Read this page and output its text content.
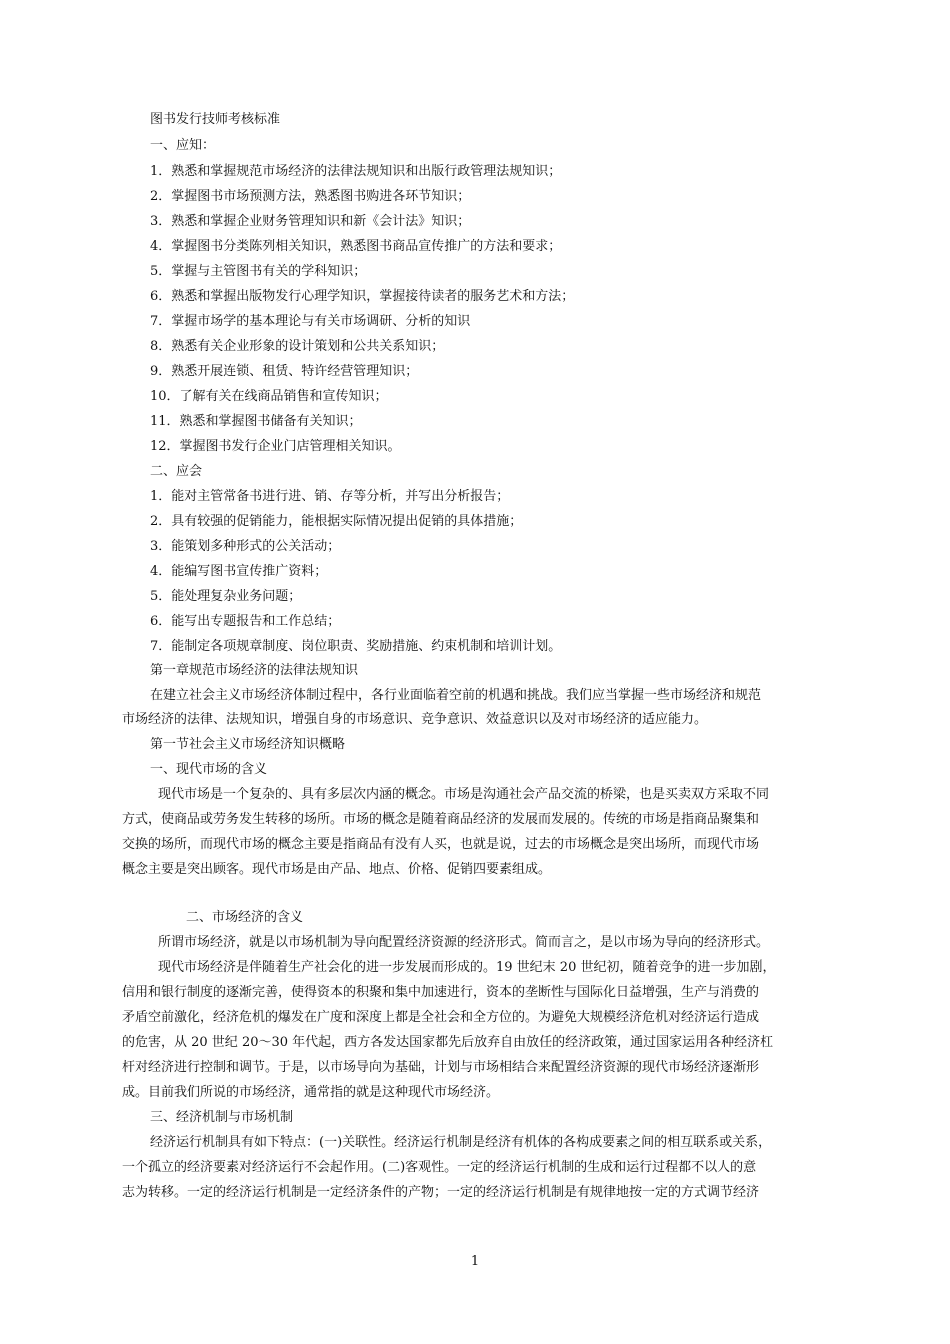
图书发行技师考核标准
一、应知：
1．熟悉和掌握规范市场经济的法律法规知识和出版行政管理法规知识；
2．掌握图书市场预测方法，熟悉图书购进各环节知识；
3．熟悉和掌握企业财务管理知识和新《会计法》知识；
4．掌握图书分类陈列相关知识，熟悉图书商品宣传推广的方法和要求；
5．掌握与主管图书有关的学科知识；
6．熟悉和掌握出版物发行心理学知识，掌握接待读者的服务艺术和方法；
7．掌握市场学的基本理论与有关市场调研、分析的知识
8．熟悉有关企业形象的设计策划和公共关系知识；
9．熟悉开展连锁、租赁、特许经营管理知识；
10．了解有关在线商品销售和宣传知识；
11．熟悉和掌握图书储备有关知识；
12．掌握图书发行企业门店管理相关知识。
二、应会
1．能对主管常备书进行进、销、存等分析，并写出分析报告；
2．具有较强的促销能力，能根据实际情况提出促销的具体措施；
3．能策划多种形式的公关活动；
4．能编写图书宣传推广资料；
5．能处理复杂业务问题；
6．能写出专题报告和工作总结；
7．能制定各项规章制度、岗位职责、奖励措施、约束机制和培训计划。
第一章规范市场经济的法律法规知识
在建立社会主义市场经济体制过程中，各行业面临着空前的机遇和挑战。我们应当掌握一些市场经济和规范
市场经济的法律、法规知识，增强自身的市场意识、竞争意识、效益意识以及对市场经济的适应能力。
第一节社会主义市场经济知识概略
一、现代市场的含义
现代市场是一个复杂的、具有多层次内涵的概念。市场是沟通社会产品交流的桥梁，也是买卖双方采取不同
方式，使商品或劳务发生转移的场所。市场的概念是随着商品经济的发展而发展的。传统的市场是指商品聚集和
交换的场所，而现代市场的概念主要是指商品有没有人买，也就是说，过去的市场概念是突出场所，而现代市场
概念主要是突出顾客。现代市场是由产品、地点、价格、促销四要素组成。
二、市场经济的含义
所谓市场经济，就是以市场机制为导向配置经济资源的经济形式。简而言之，是以市场为导向的经济形式。
现代市场经济是伴随着生产社会化的进一步发展而形成的。19 世纪末 20 世纪初，随着竞争的进一步加剧，
信用和银行制度的逐渐完善，使得资本的积聚和集中加速进行，资本的垄断性与国际化日益增强，生产与消费的
矛盾空前激化，经济危机的爆发在广度和深度上都是全社会和全方位的。为避免大规模经济危机对经济运行造成
的危害，从 20 世纪 20～30 年代起，西方各发达国家都先后放弃自由放任的经济政策，通过国家运用各种经济杠
杆对经济进行控制和调节。于是，以市场导向为基础，计划与市场相结合来配置经济资源的现代市场经济逐渐形
成。目前我们所说的市场经济，通常指的就是这种现代市场经济。
三、经济机制与市场机制
经济运行机制具有如下特点：(一)关联性。经济运行机制是经济有机体的各构成要素之间的相互联系或关系，
一个孤立的经济要素对经济运行不会起作用。(二)客观性。一定的经济运行机制的生成和运行过程都不以人的意
志为转移。一定的经济运行机制是一定经济条件的产物；一定的经济运行机制是有规律地按一定的方式调节经济
1
